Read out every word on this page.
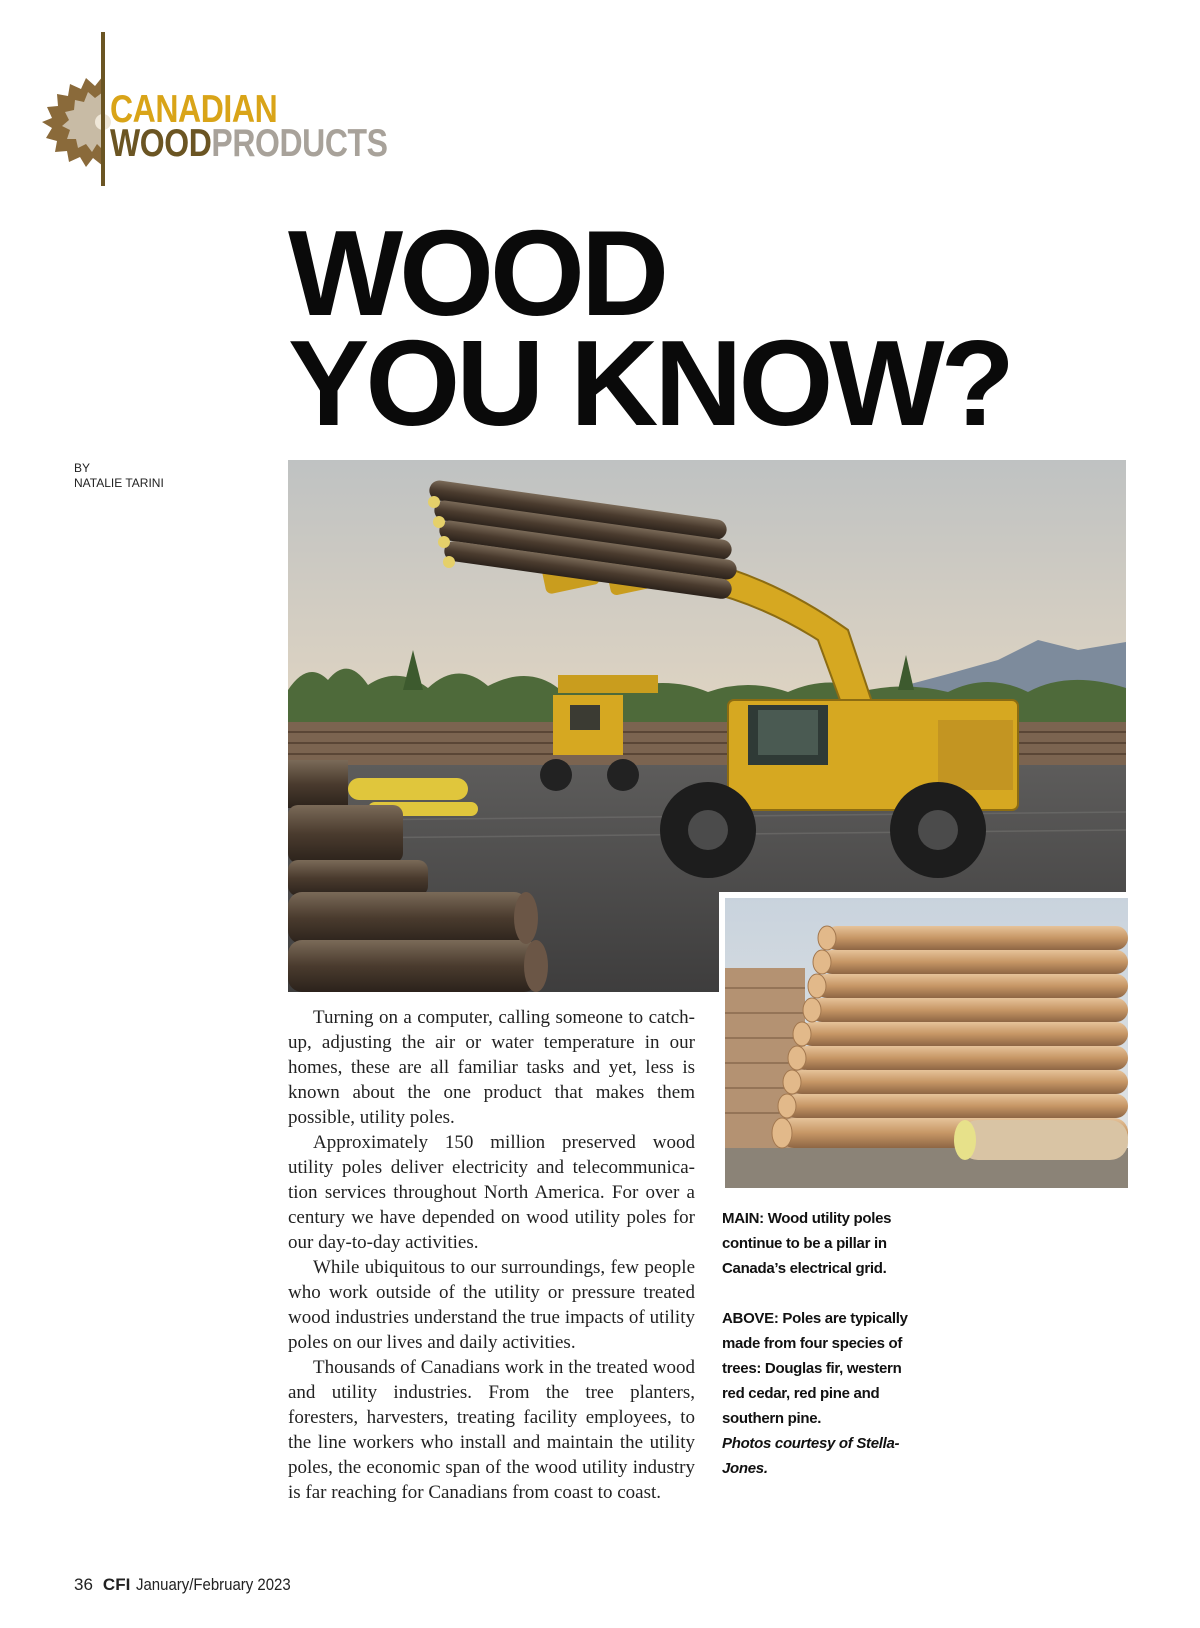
CANADIAN
WOODPRODUCTS
WOOD
YOU KNOW?
BY
NATALIE TARINI

Turning on a computer, calling someone to catch-up, adjusting the air or water temperature in our homes, these are all familiar tasks and yet, less is known about the one product that makes them possible, utility poles.

Approximately 150 million preserved wood utility poles deliver electricity and telecommunication services throughout North America. For over a century we have depended on wood utility poles for our day-to-day activities.

While ubiquitous to our surroundings, few people who work outside of the utility or pressure treated wood industries understand the true impacts of utility poles on our lives and daily activities.

Thousands of Canadians work in the treated wood and utility industries. From the tree planters, foresters, harvesters, treating facility employees, to the line workers who install and maintain the utility poles, the economic span of the wood utility industry is far reaching for Canadians from coast to coast.

MAIN: Wood utility poles continue to be a pillar in Canada’s electrical grid.

ABOVE: Poles are typically made from four species of trees: Douglas fir, western red cedar, red pine and southern pine.

Photos courtesy of Stella-Jones.

36 CFI January/February 2023
